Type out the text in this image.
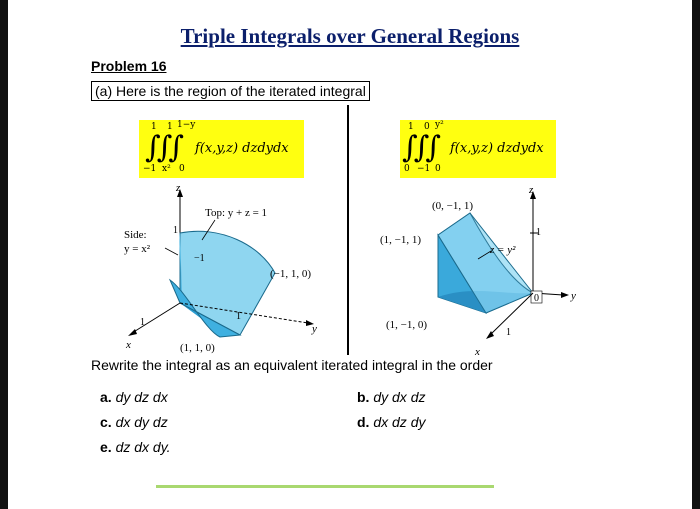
Triple Integrals over General Regions
Problem 16
(a) Here is the region of the iterated integral
1 1 1−y
∫∫∫
−1 x² 0
f(x,y,z) dzdydx
1 0 y²
∫∫∫
0 −1 0
f(x,y,z) dzdydx
z
y
x
Top: y + z = 1
Side:
y = x²
(−1, 1, 0)
(1, 1, 0)
1
−1
1
1
z
1
y
0
x
1
(0, −1, 1)
(1, −1, 1)
(1, −1, 0)
z = y²
Rewrite the integral as an equivalent iterated integral in the order
a. dy dz dx	b. dy dx dz
c. dx dy dz	d. dx dz dy
e. dz dx dy.
